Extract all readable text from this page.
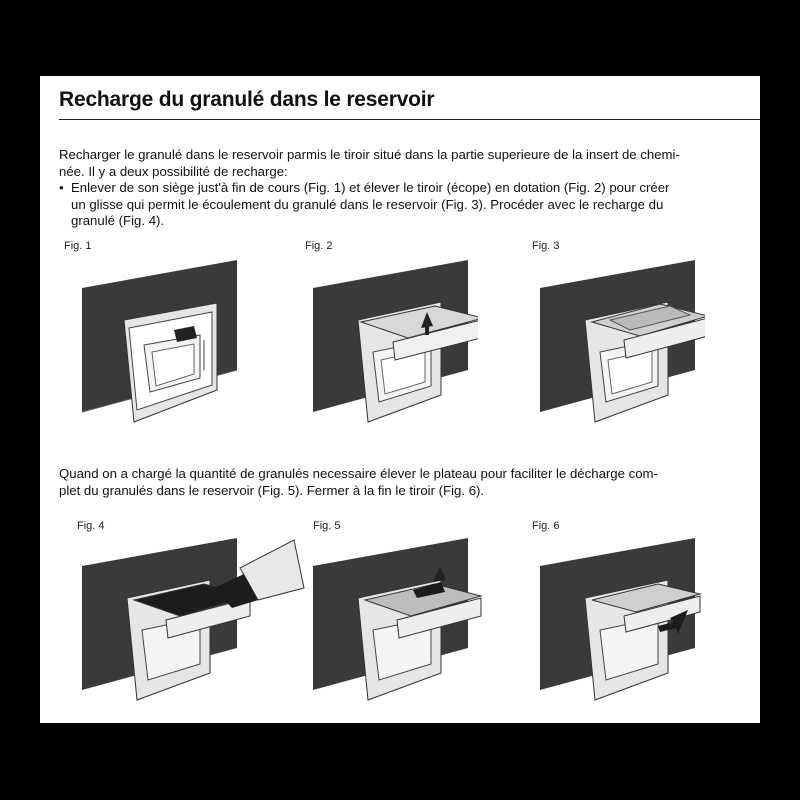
Recharge du granulé dans le reservoir
Recharger le granulé dans le reservoir parmis le tiroir situé dans la partie superieure de la insert de chemi-
née. Il y a deux possibilité de recharge:
• Enlever de son siège just'à fin de cours (Fig. 1) et élever le tiroir (écope) en dotation (Fig. 2) pour créer
un glisse qui permit le écoulement du granulé dans le reservoir (Fig. 3). Procéder avec le recharge du
granulé (Fig. 4).
Fig. 1	Fig. 2	Fig. 3
Quand on a chargé la quantité de granulés necessaire élever le plateau pour faciliter le décharge com-
plet du granulés dans le reservoir (Fig. 5). Fermer à la fin le tiroir (Fig. 6).
Fig. 4	Fig. 5	Fig. 6
